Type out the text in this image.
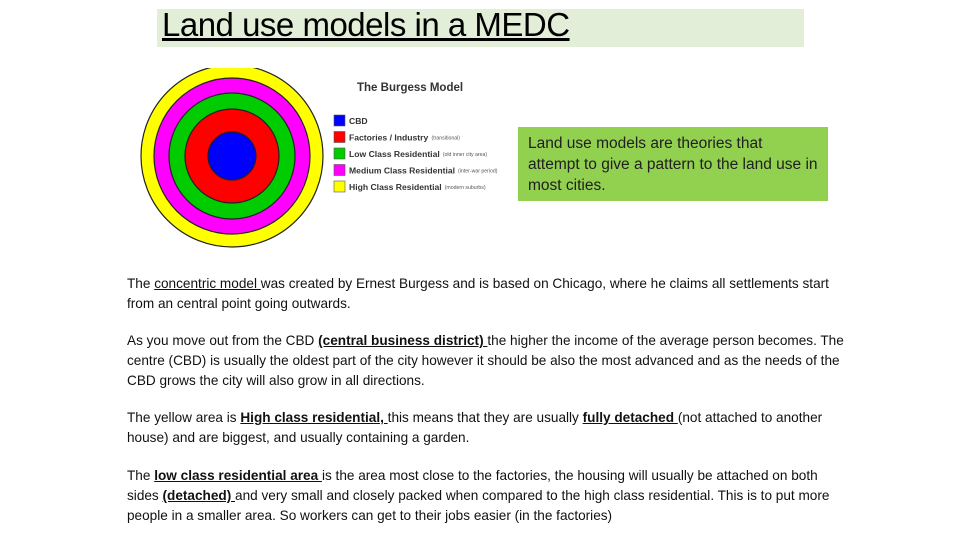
Land use models in a MEDC
The Burgess Model
CBD
Factories / Industry (transitional)
Low Class Residential (old inner city area)
Medium Class Residential (inter-war period)
High Class Residential (modern suburbs)
Land use models are theories that attempt to give a pattern to the land use in most cities.
The concentric model was created by Ernest Burgess and is based on Chicago, where he claims all settlements start from an central point going outwards.
As you move out from the CBD (central business district) the higher the income of the average person becomes. The centre (CBD) is usually the oldest part of the city however it should be also the most advanced and as the needs of the CBD grows the city will also grow in all directions.
The yellow area is High class residential, this means that they are usually fully detached (not attached to another house) and are biggest, and usually containing a garden.
The low class residential area is the area most close to the factories, the housing will usually be attached on both sides (detached) and very small and closely packed when compared to the high class residential. This is to put more people in a smaller area. So workers can get to their jobs easier (in the factories)
